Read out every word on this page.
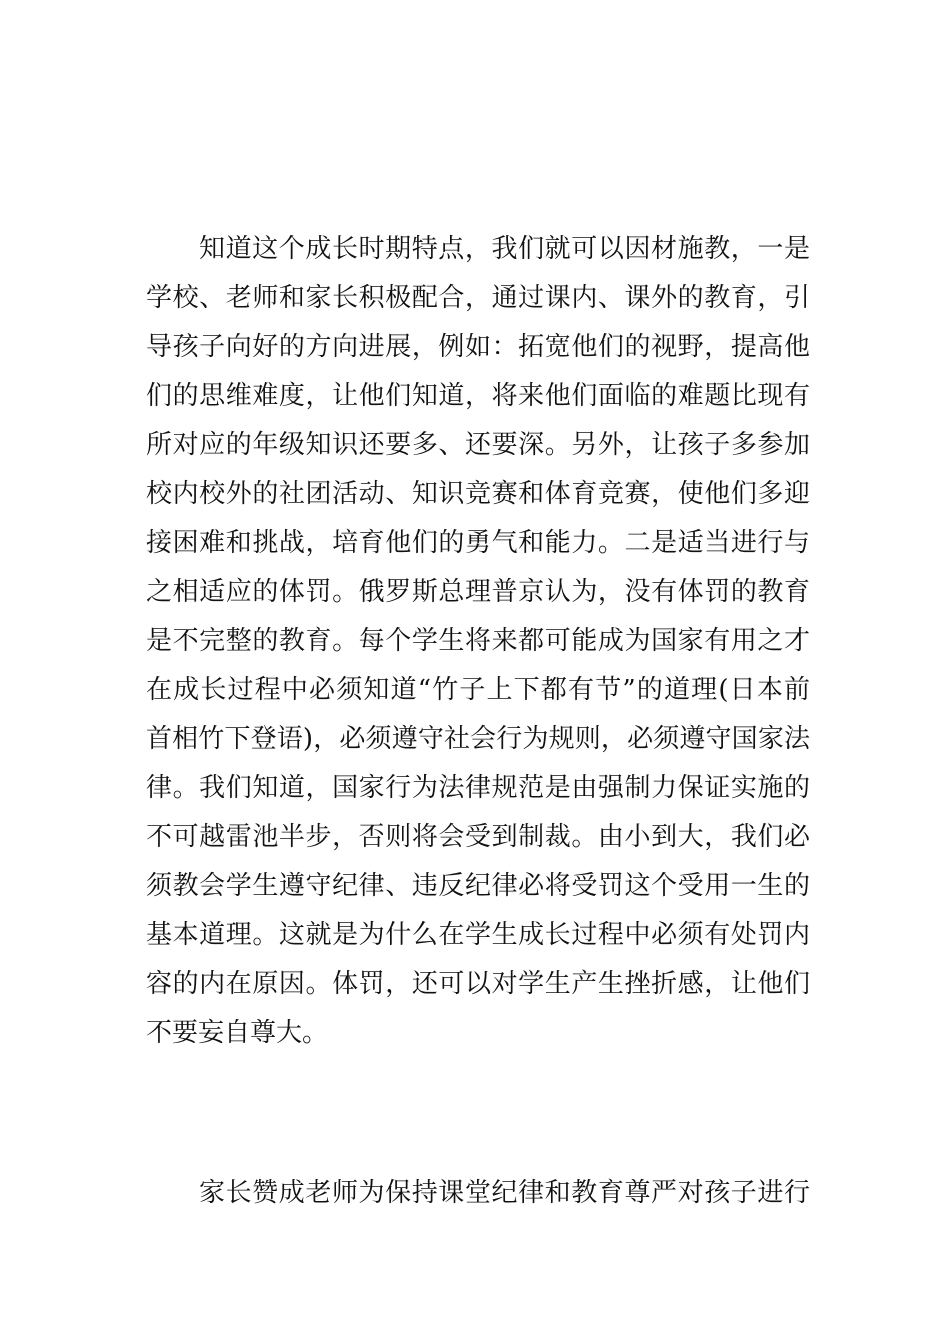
知道这个成长时期特点，我们就可以因材施教，一是
学校、老师和家长积极配合，通过课内、课外的教育，引
导孩子向好的方向进展，例如：拓宽他们的视野，提高他
们的思维难度，让他们知道，将来他们面临的难题比现有
所对应的年级知识还要多、还要深。另外，让孩子多参加
校内校外的社团活动、知识竞赛和体育竞赛，使他们多迎
接困难和挑战，培育他们的勇气和能力。二是适当进行与
之相适应的体罚。俄罗斯总理普京认为，没有体罚的教育
是不完整的教育。每个学生将来都可能成为国家有用之才
在成长过程中必须知道“竹子上下都有节”的道理(日本前
首相竹下登语)，必须遵守社会行为规则，必须遵守国家法
律。我们知道，国家行为法律规范是由强制力保证实施的
不可越雷池半步，否则将会受到制裁。由小到大，我们必
须教会学生遵守纪律、违反纪律必将受罚这个受用一生的
基本道理。这就是为什么在学生成长过程中必须有处罚内
容的内在原因。体罚，还可以对学生产生挫折感，让他们
不要妄自尊大。
家长赞成老师为保持课堂纪律和教育尊严对孩子进行
